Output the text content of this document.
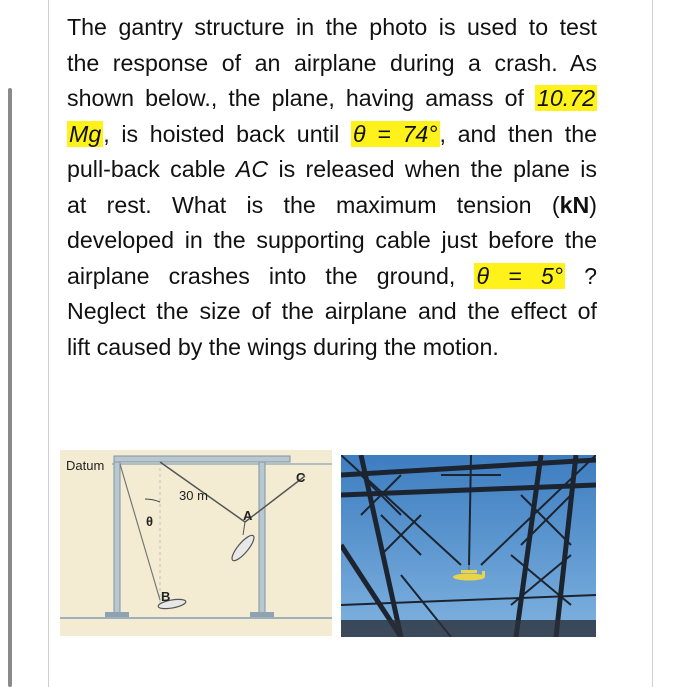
The gantry structure in the photo is used to test
the response of an airplane during a crash. As
shown below., the plane, having amass of 10.72
Mg, is hoisted back until θ = 74°, and then the
pull-back cable AC is released when the plane is
at rest. What is the maximum tension (kN)
developed in the supporting cable just before the
airplane crashes into the ground, θ = 5° ?
Neglect the size of the airplane and the effect of
lift caused by the wings during the motion.
Datum
θ
30 m
A
B
C
